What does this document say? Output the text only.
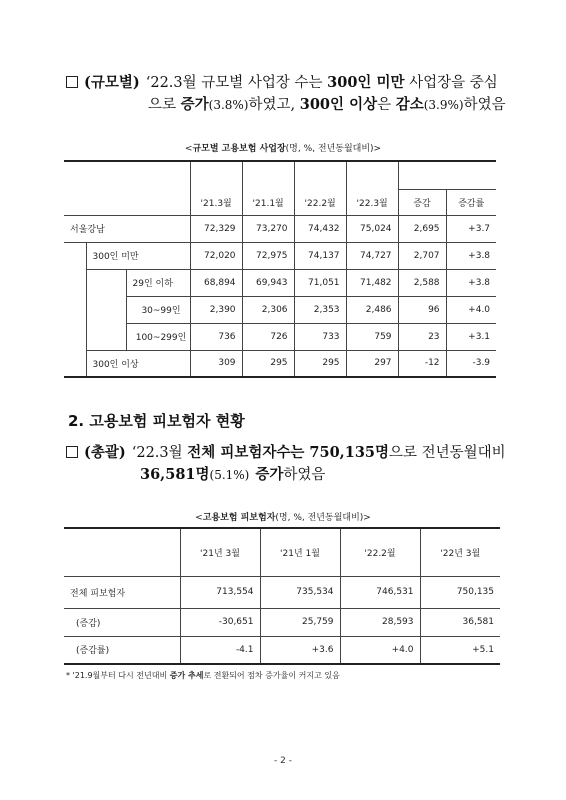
(규모별) ‘22.3월 규모별 사업장 수는 300인 미만 사업장을 중심
으로 증가(3.8%)하였고, 300인 이상은 감소(3.9%)하였음
<규모별 고용보험 사업장(명, %, 전년동월대비)>
			'21.3월	'21.1월	'22.2월	'22.3월		
							증감	증감률
서울강남			72,329	73,270	74,432	75,024	2,695	+3.7
	300인 미만		72,020	72,975	74,137	74,727	2,707	+3.8
		29인 이하	68,894	69,943	71,051	71,482	2,588	+3.8
		30~99인	2,390	2,306	2,353	2,486	96	+4.0
		100~299인	736	726	733	759	23	+3.1
	300인 이상		309	295	295	297	-12	-3.9
2. 고용보험 피보험자 현황
(총괄) ‘22.3월 전체 피보험자수는 750,135명으로 전년동월대비
36,581명(5.1%) 증가하였음
<고용보험 피보험자(명, %, 전년동월대비)>
	'21년 3월	'21년 1월	'22.2월	'22년 3월
전체 피보험자	713,554	735,534	746,531	750,135
(증감)	-30,651	25,759	28,593	36,581
(증감률)	-4.1	+3.6	+4.0	+5.1
* '21.9월부터 다시 전년대비 증가 추세로 전환되어 점차 증가율이 커지고 있음
- 2 -
